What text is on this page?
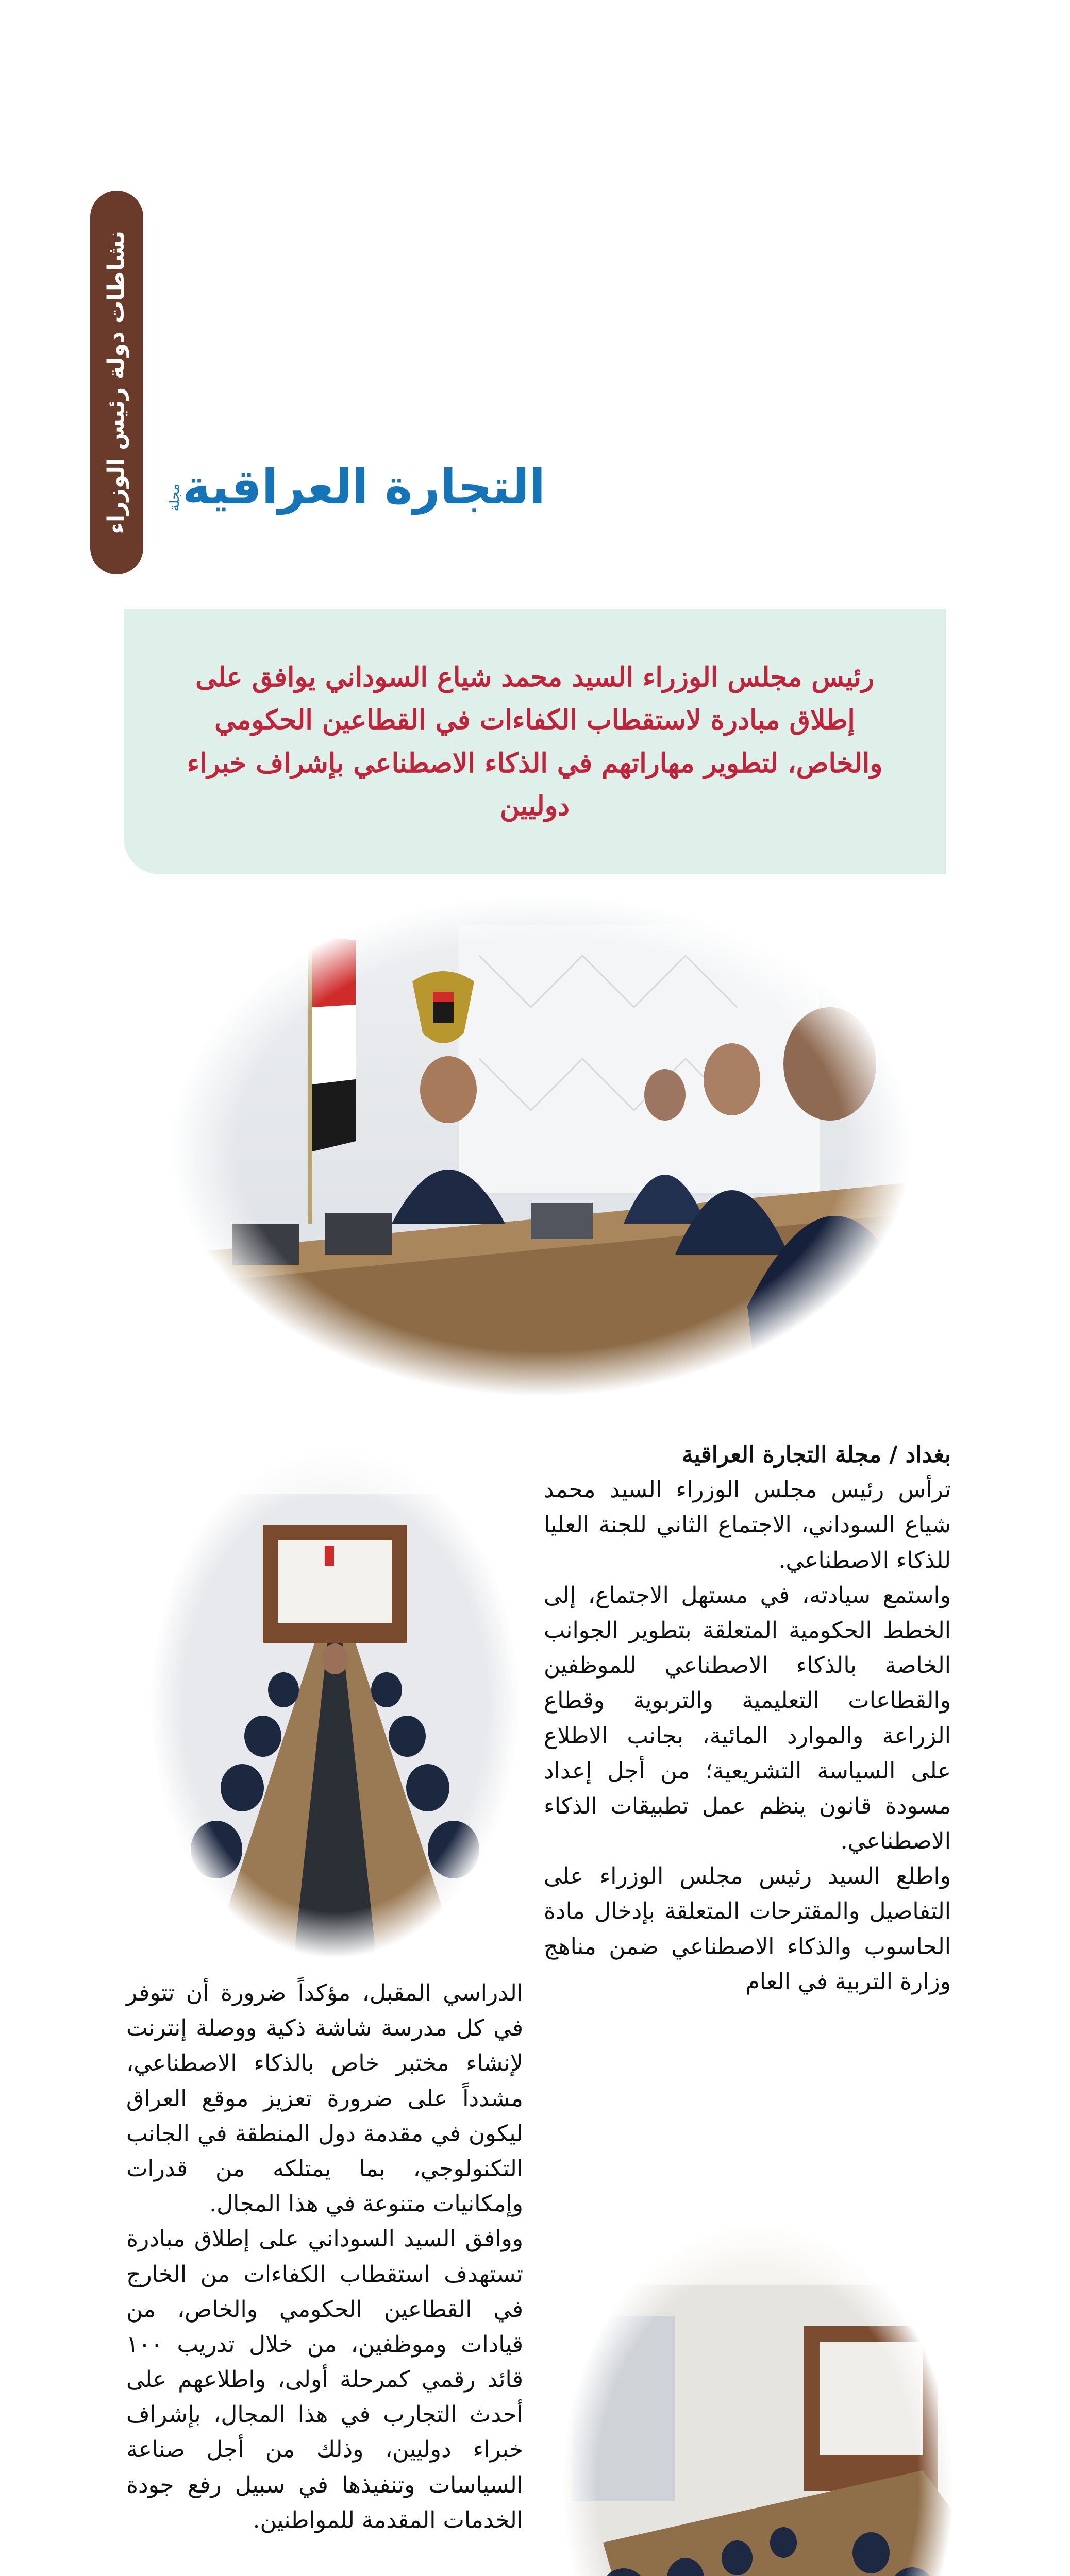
نشاطات دولة رئيس الوزراء	مجلة التجارة العراقية
رئيس مجلس الوزراء السيد محمد شياع السوداني يوافق على إطلاق مبادرة لاستقطاب الكفاءات في القطاعين الحكومي والخاص، لتطوير مهاراتهم في الذكاء الاصطناعي بإشراف خبراء دوليين

بغداد / مجلة التجارة العراقية

ترأس رئيس مجلس الوزراء السيد محمد شياع السوداني، الاجتماع الثاني للجنة العليا للذكاء الاصطناعي.

واستمع سيادته، في مستهل الاجتماع، إلى الخطط الحكومية المتعلقة بتطوير الجوانب الخاصة بالذكاء الاصطناعي للموظفين والقطاعات التعليمية والتربوية وقطاع الزراعة والموارد المائية، بجانب الاطلاع على السياسة التشريعية؛ من أجل إعداد مسودة قانون ينظم عمل تطبيقات الذكاء الاصطناعي.

واطلع السيد رئيس مجلس الوزراء على التفاصيل والمقترحات المتعلقة بإدخال مادة الحاسوب والذكاء الاصطناعي ضمن مناهج وزارة التربية في العام

الدراسي المقبل، مؤكداً ضرورة أن تتوفر في كل مدرسة شاشة ذكية ووصلة إنترنت لإنشاء مختبر خاص بالذكاء الاصطناعي، مشدداً على ضرورة تعزيز موقع العراق ليكون في مقدمة دول المنطقة في الجانب التكنولوجي، بما يمتلكه من قدرات وإمكانيات متنوعة في هذا المجال.

ووافق السيد السوداني على إطلاق مبادرة تستهدف استقطاب الكفاءات من الخارج في القطاعين الحكومي والخاص، من قيادات وموظفين، من خلال تدريب ١٠٠ قائد رقمي كمرحلة أولى، واطلاعهم على أحدث التجارب في هذا المجال، بإشراف خبراء دوليين، وذلك من أجل صناعة السياسات وتنفيذها في سبيل رفع جودة الخدمات المقدمة للمواطنين.
